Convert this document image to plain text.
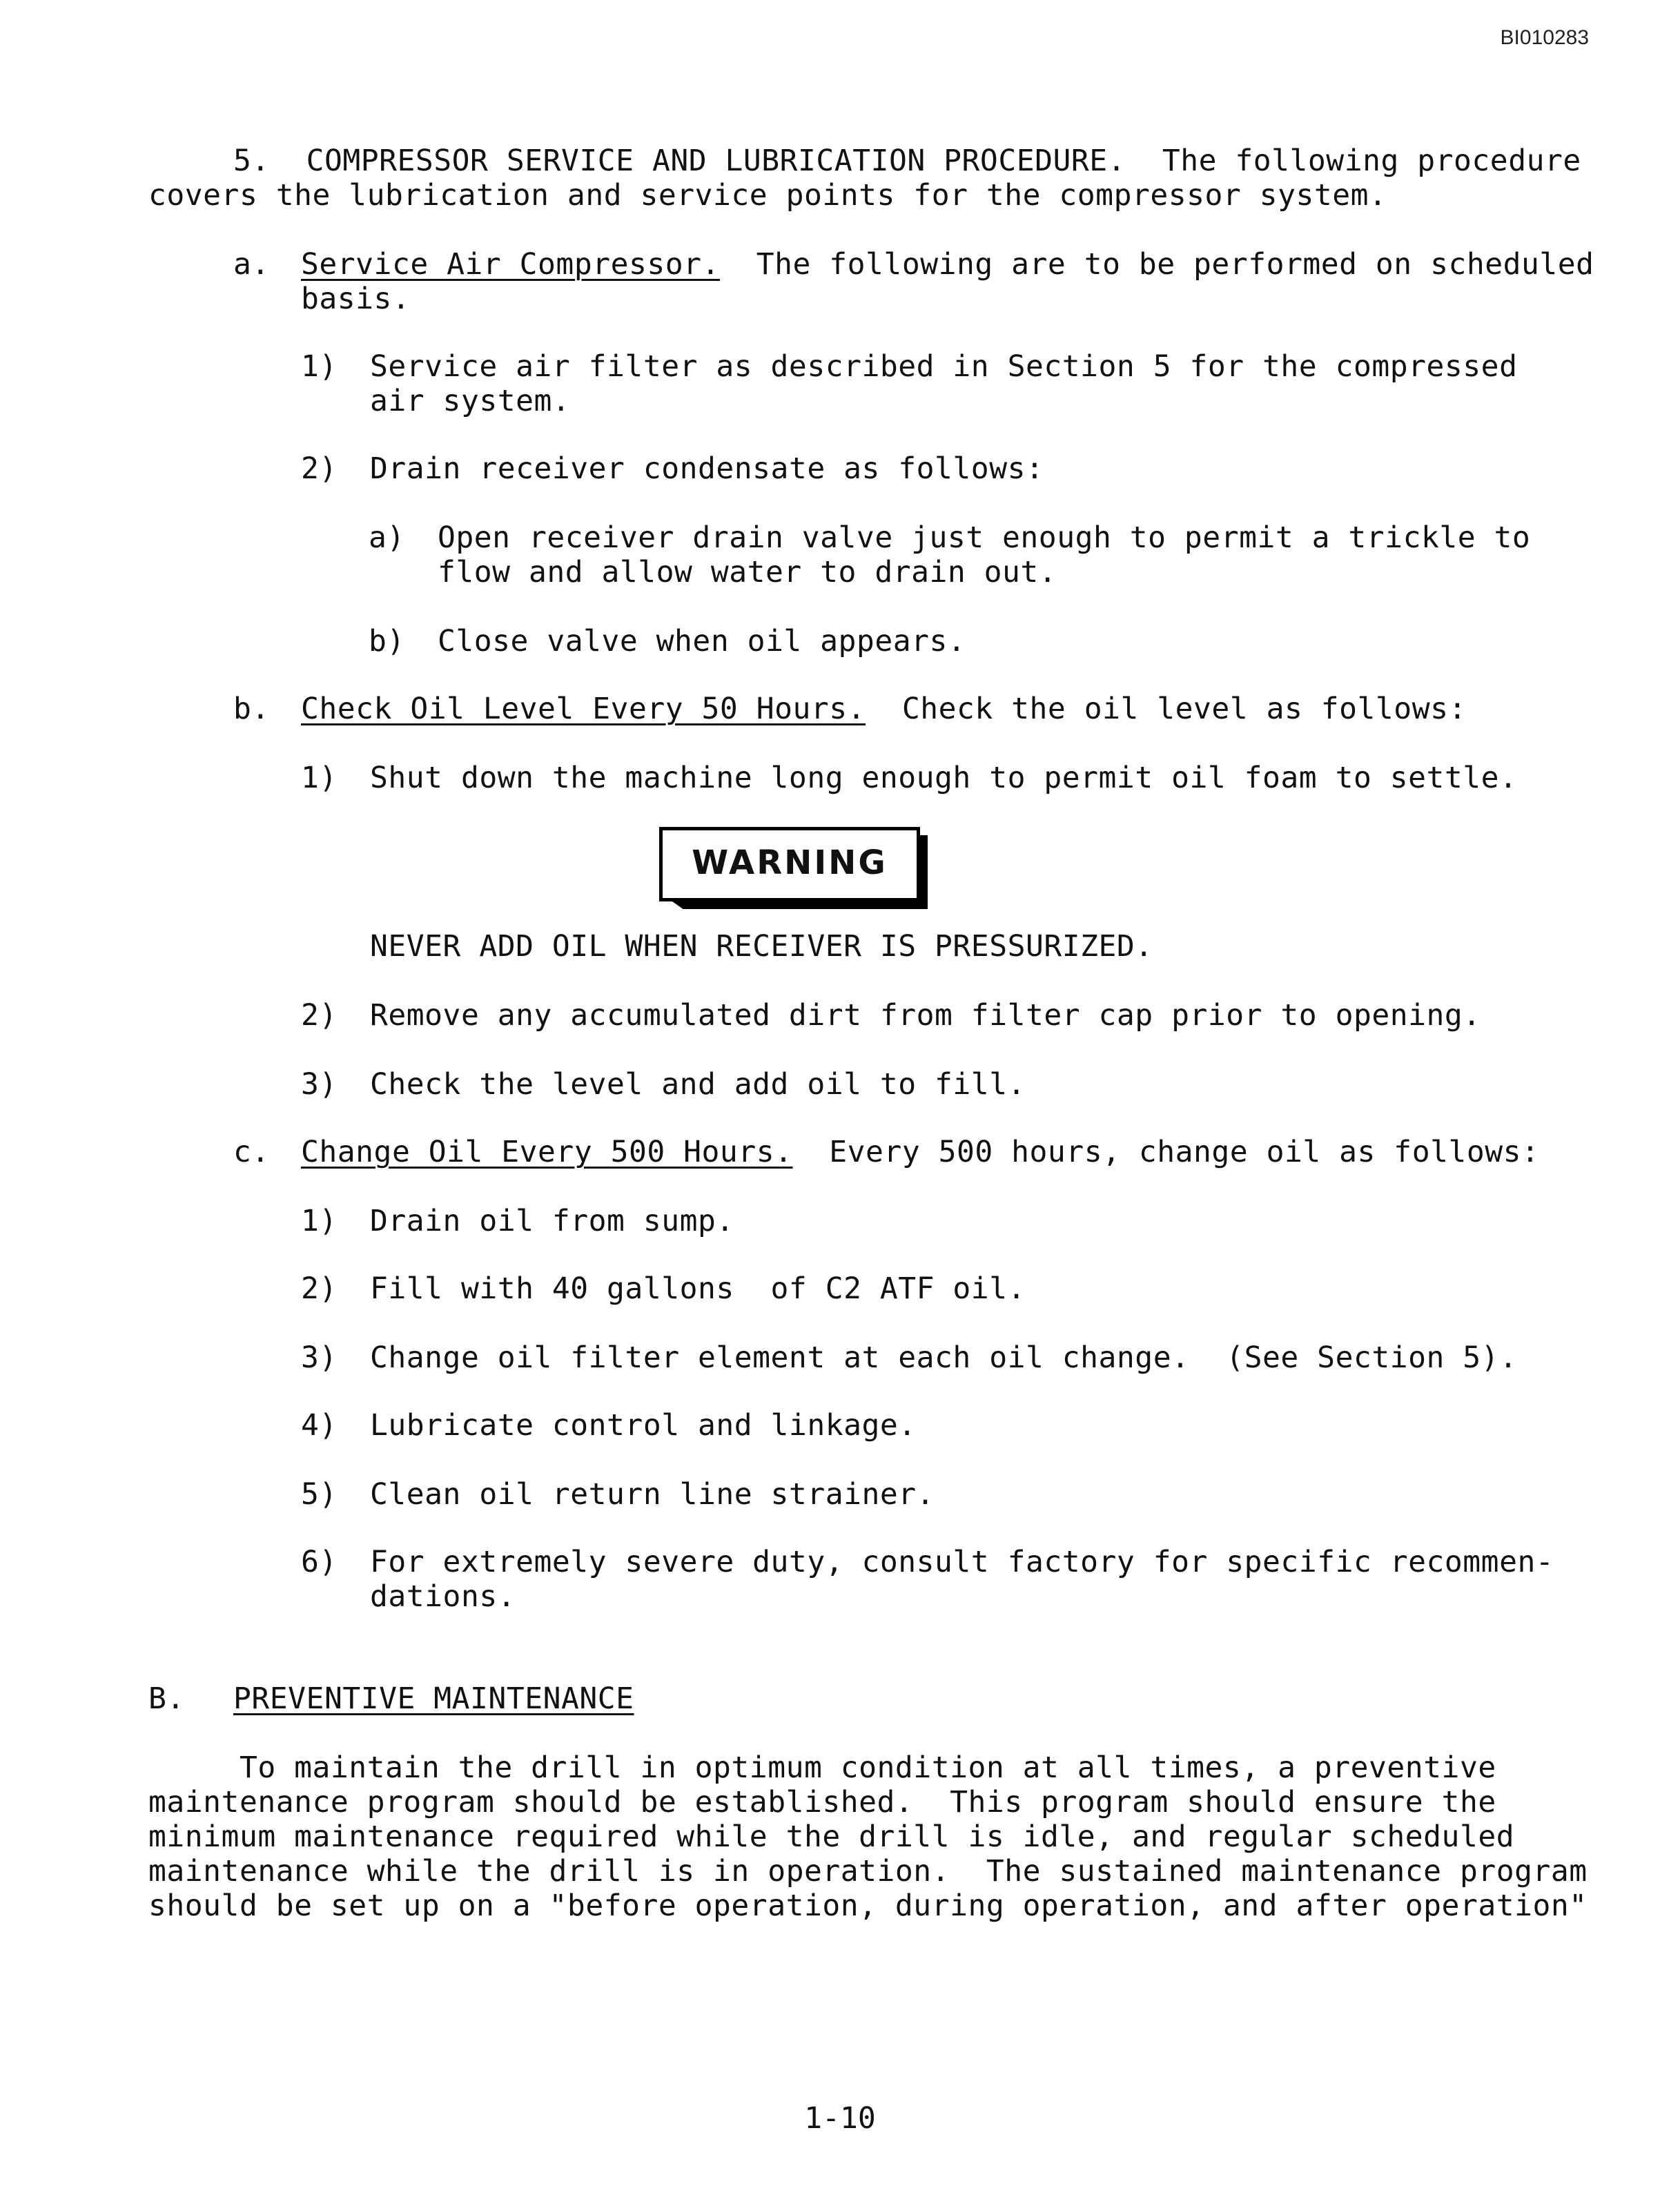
BI010283
5. COMPRESSOR SERVICE AND LUBRICATION PROCEDURE. The following procedure
covers the lubrication and service points for the compressor system.
a. Service Air Compressor. The following are to be performed on scheduled
basis.
1) Service air filter as described in Section 5 for the compressed
air system.
2) Drain receiver condensate as follows:
a) Open receiver drain valve just enough to permit a trickle to
flow and allow water to drain out.
b) Close valve when oil appears.
b. Check Oil Level Every 50 Hours. Check the oil level as follows:
1) Shut down the machine long enough to permit oil foam to settle.
WARNING
NEVER ADD OIL WHEN RECEIVER IS PRESSURIZED.
2) Remove any accumulated dirt from filter cap prior to opening.
3) Check the level and add oil to fill.
c. Change Oil Every 500 Hours. Every 500 hours, change oil as follows:
1) Drain oil from sump.
2) Fill with 40 gallons  of C2 ATF oil.
3) Change oil filter element at each oil change.  (See Section 5).
4) Lubricate control and linkage.
5) Clean oil return line strainer.
6) For extremely severe duty, consult factory for specific recommen-
dations.
B. PREVENTIVE MAINTENANCE
To maintain the drill in optimum condition at all times, a preventive
maintenance program should be established.  This program should ensure the
minimum maintenance required while the drill is idle, and regular scheduled
maintenance while the drill is in operation.  The sustained maintenance program
should be set up on a "before operation, during operation, and after operation"
1-10
